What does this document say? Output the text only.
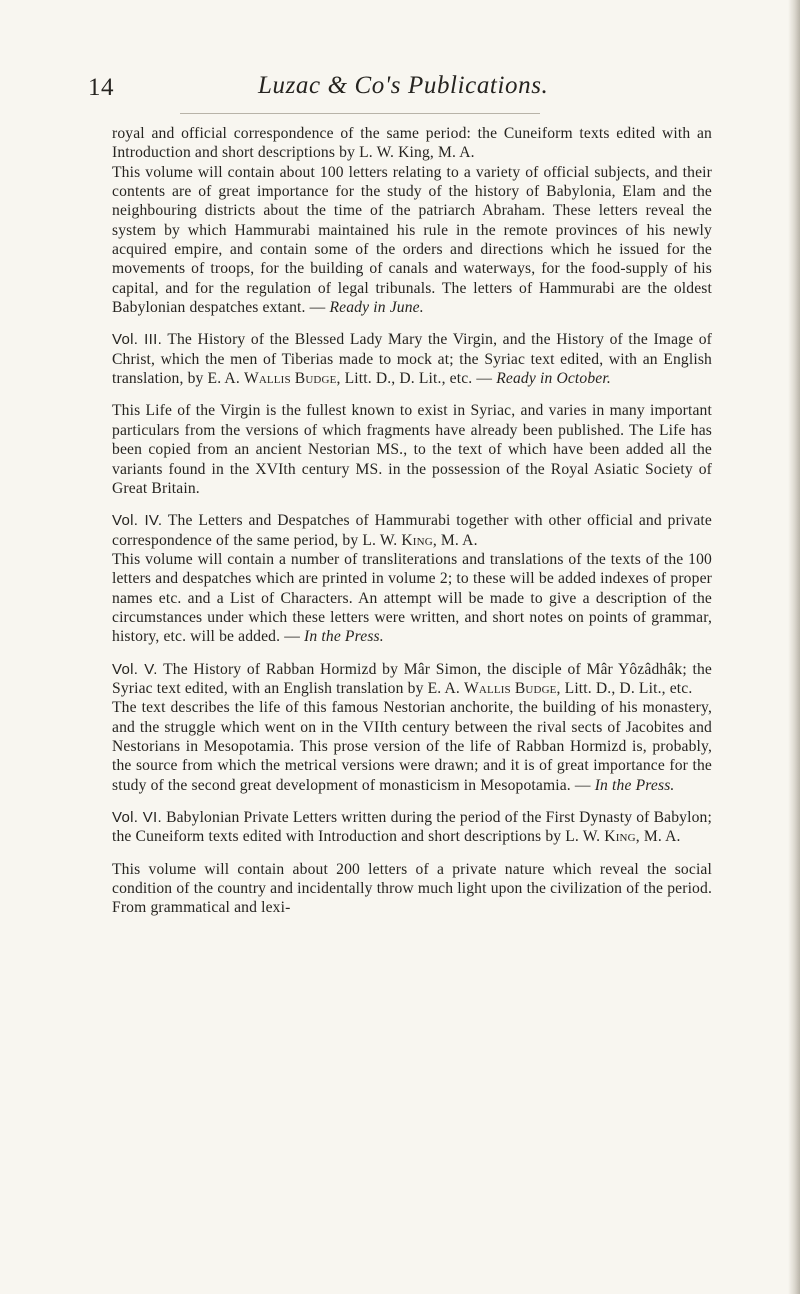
14	Luzac & Co's Publications.

royal and official correspondence of the same period: the Cuneiform texts edited with an Introduction and short descriptions by L. W. King, M. A.

This volume will contain about 100 letters relating to a variety of official subjects, and their contents are of great importance for the study of the history of Babylonia, Elam and the neighbouring districts about the time of the patriarch Abraham. These letters reveal the system by which Hammurabi maintained his rule in the remote provinces of his newly acquired empire, and contain some of the orders and directions which he issued for the movements of troops, for the building of canals and waterways, for the food-supply of his capital, and for the regulation of legal tribunals. The letters of Hammurabi are the oldest Babylonian despatches extant. — Ready in June.

Vol. III. The History of the Blessed Lady Mary the Virgin, and the History of the Image of Christ, which the men of Tiberias made to mock at; the Syriac text edited, with an English translation, by E. A. Wallis Budge, Litt. D., D. Lit., etc. — Ready in October.

This Life of the Virgin is the fullest known to exist in Syriac, and varies in many important particulars from the versions of which fragments have already been published. The Life has been copied from an ancient Nestorian MS., to the text of which have been added all the variants found in the XVIth century MS. in the possession of the Royal Asiatic Society of Great Britain.

Vol. IV. The Letters and Despatches of Hammurabi together with other official and private correspondence of the same period, by L. W. King, M. A.

This volume will contain a number of transliterations and translations of the texts of the 100 letters and despatches which are printed in volume 2; to these will be added indexes of proper names etc. and a List of Characters. An attempt will be made to give a description of the circumstances under which these letters were written, and short notes on points of grammar, history, etc. will be added. — In the Press.

Vol. V. The History of Rabban Hormizd by Mâr Simon, the disciple of Mâr Yôzâdhâk; the Syriac text edited, with an English translation by E. A. Wallis Budge, Litt. D., D. Lit., etc.

The text describes the life of this famous Nestorian anchorite, the building of his monastery, and the struggle which went on in the VIIth century between the rival sects of Jacobites and Nestorians in Mesopotamia. This prose version of the life of Rabban Hormizd is, probably, the source from which the metrical versions were drawn; and it is of great importance for the study of the second great development of monasticism in Mesopotamia. — In the Press.

Vol. VI. Babylonian Private Letters written during the period of the First Dynasty of Babylon; the Cuneiform texts edited with Introduction and short descriptions by L. W. King, M. A.

This volume will contain about 200 letters of a private nature which reveal the social condition of the country and incidentally throw much light upon the civilization of the period. From grammatical and lexi-
